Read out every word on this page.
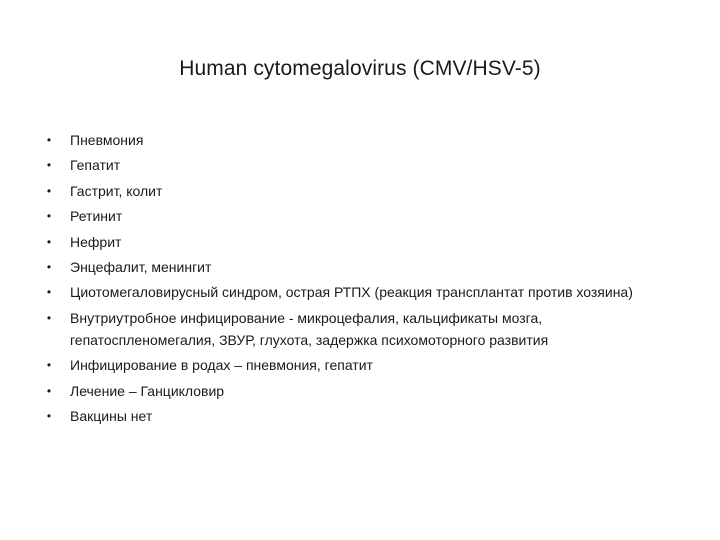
Human cytomegalovirus (CMV/HSV-5)
• Пневмония
• Гепатит
• Гастрит, колит
• Ретинит
• Нефрит
• Энцефалит, менингит
• Циотомегаловирусный синдром, острая РТПХ (реакция трансплантат против хозяина)
• Внутриутробное инфицирование - микроцефалия, кальцификаты мозга, гепатоспленомегалия, ЗВУР, глухота, задержка психомоторного развития
• Инфицирование в родах – пневмония, гепатит
• Лечение – Ганцикловир
• Вакцины нет
